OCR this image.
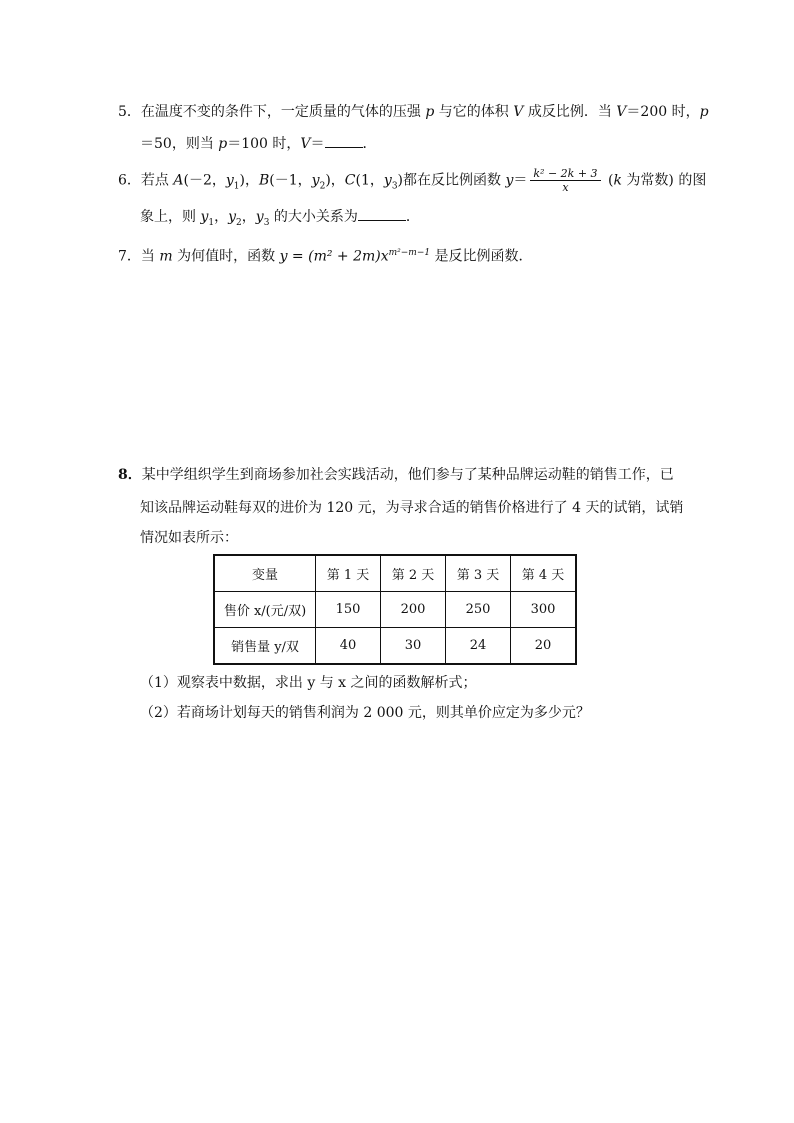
5．在温度不变的条件下，一定质量的气体的压强 p 与它的体积 V 成反比例．当 V＝200 时，p
＝50，则当 p＝100 时，V＝	．
6．若点 A(－2，$y_1$)，B(－1，$y_2$)，C(1，$y_3$)都在反比例函数 $y= \frac{\text{k² − 2k + 3}}{x} (k$ 为常数) 的图
象上，则 $y_1$，$y_2$，$y_3$ 的大小关系为	．
7．当 m 为何值时，函数 $y = (m^2 + 2m)x^{m^2-m-1}$ 是反比例函数．
8．某中学组织学生到商场参加社会实践活动，他们参与了某种品牌运动鞋的销售工作，已
知该品牌运动鞋每双的进价为 120 元，为寻求合适的销售价格进行了 4 天的试销，试销
情况如表所示：
变量	第 1 天	第 2 天	第 3 天	第 4 天
售价 x/(元/双)	150	200	250	300
销售量 y/双	40	30	24	20
（1）观察表中数据，求出 y 与 x 之间的函数解析式；
（2）若商场计划每天的销售利润为 2 000 元，则其单价应定为多少元？
